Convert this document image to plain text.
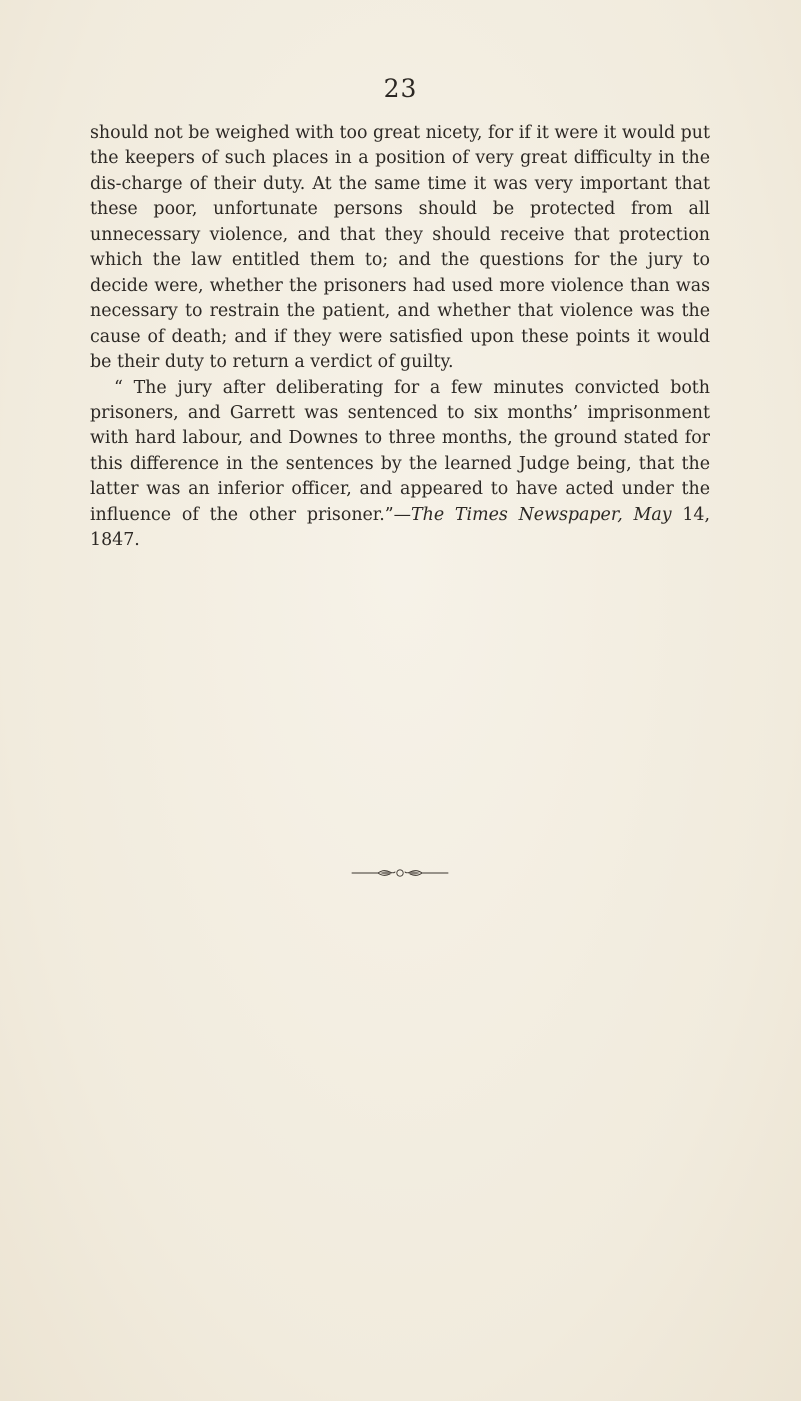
23

should not be weighed with too great nicety, for if it were it would put the keepers of such places in a position of very great difficulty in the dis-charge of their duty. At the same time it was very important that these poor, unfortunate persons should be protected from all unnecessary violence, and that they should receive that protection which the law entitled them to; and the questions for the jury to decide were, whether the prisoners had used more violence than was necessary to restrain the patient, and whether that violence was the cause of death; and if they were satisfied upon these points it would be their duty to return a verdict of guilty.

“ The jury after deliberating for a few minutes convicted both prisoners, and Garrett was sentenced to six months’ imprisonment with hard labour, and Downes to three months, the ground stated for this difference in the sentences by the learned Judge being, that the latter was an inferior officer, and appeared to have acted under the influence of the other prisoner.”—The Times Newspaper, May 14, 1847.
